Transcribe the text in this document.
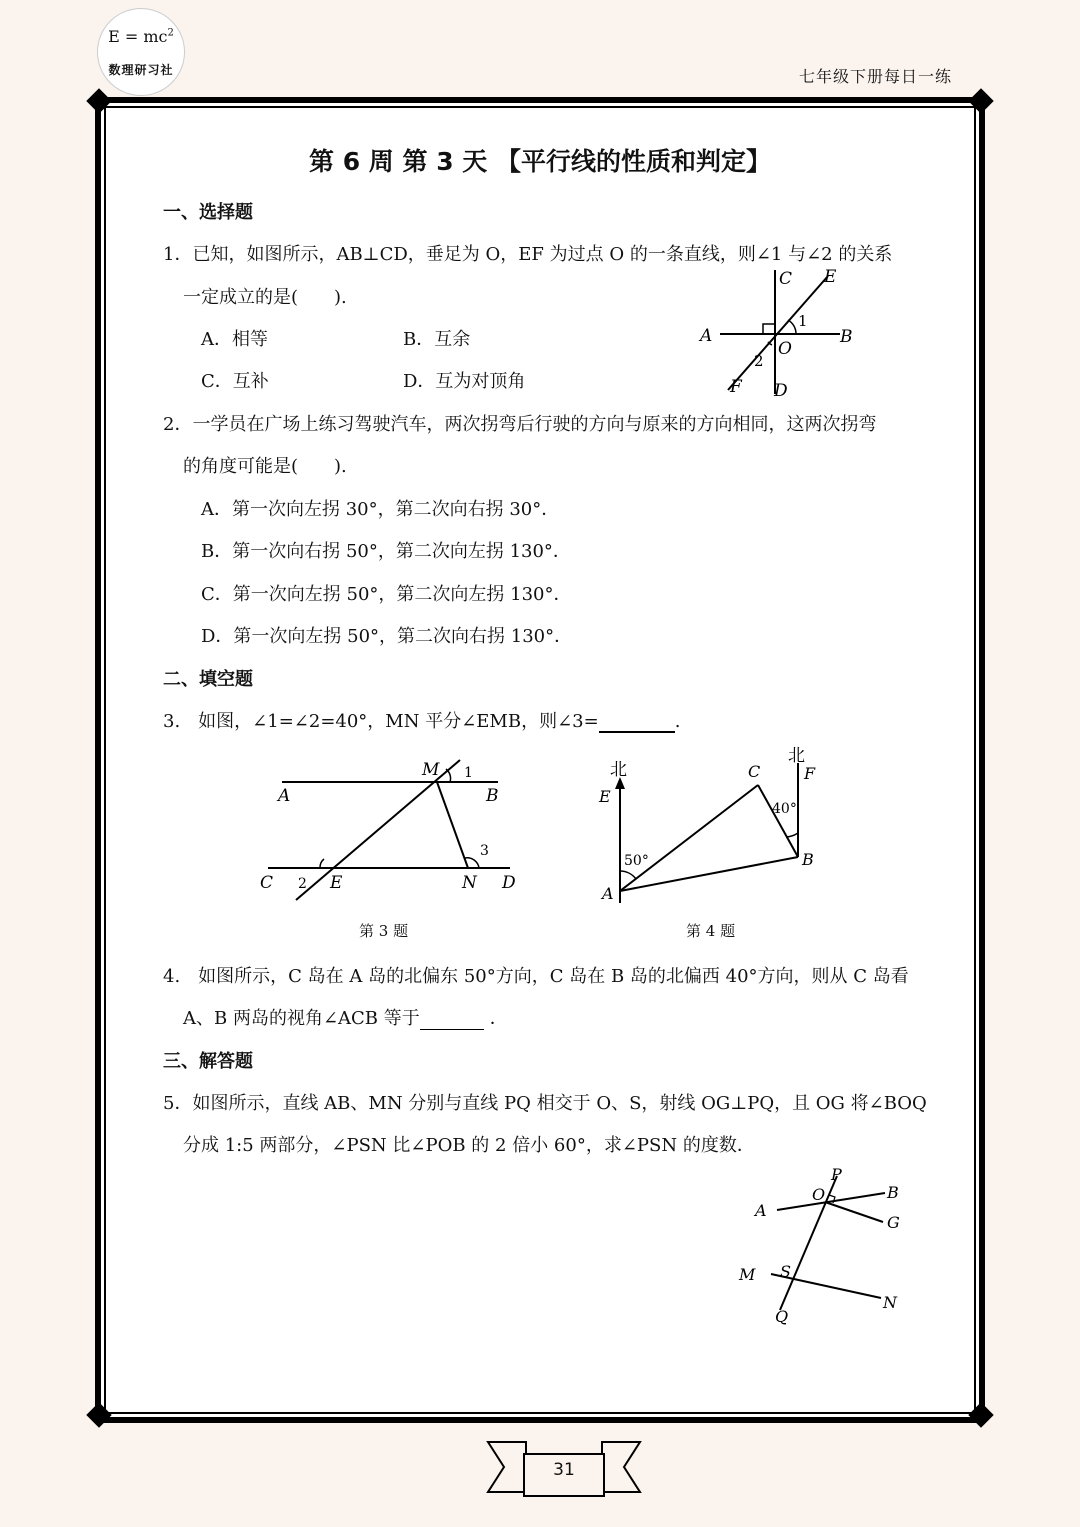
$E = mc^2$
数理研习社	七年级下册每日一练
第 6 周 第 3 天 【平行线的性质和判定】
一、选择题
1．已知，如图所示，AB⊥CD，垂足为 O，EF 为过点 O 的一条直线，则∠1 与∠2 的关系
一定成立的是(　　).
A．相等	B．互余
C．互补	D．互为对顶角
C E
A	B
1
O
2
F D
2．一学员在广场上练习驾驶汽车，两次拐弯后行驶的方向与原来的方向相同，这两次拐弯
的角度可能是(　　).
A．第一次向左拐 30°，第二次向右拐 30°．
B．第一次向右拐 50°，第二次向左拐 130°．
C．第一次向左拐 50°，第二次向左拐 130°．
D．第一次向左拐 50°，第二次向右拐 130°．
二、填空题
3.　如图，∠1=∠2=40°，MN 平分∠EMB，则∠3=	.
M 1
A	B
3
C 2 E	N D
第 3 题
北
北
E
C	F
40°
50°	B
A
第 4 题
4.　如图所示，C 岛在 A 岛的北偏东 50°方向，C 岛在 B 岛的北偏西 40°方向，则从 C 岛看
A、B 两岛的视角∠ACB 等于	．
三、解答题
5．如图所示，直线 AB、MN 分别与直线 PQ 相交于 O、S，射线 OG⊥PQ，且 OG 将∠BOQ
分成 1:5 两部分，∠PSN 比∠POB 的 2 倍小 60°，求∠PSN 的度数．
P
O	B
A
G
M S
N
Q
31
